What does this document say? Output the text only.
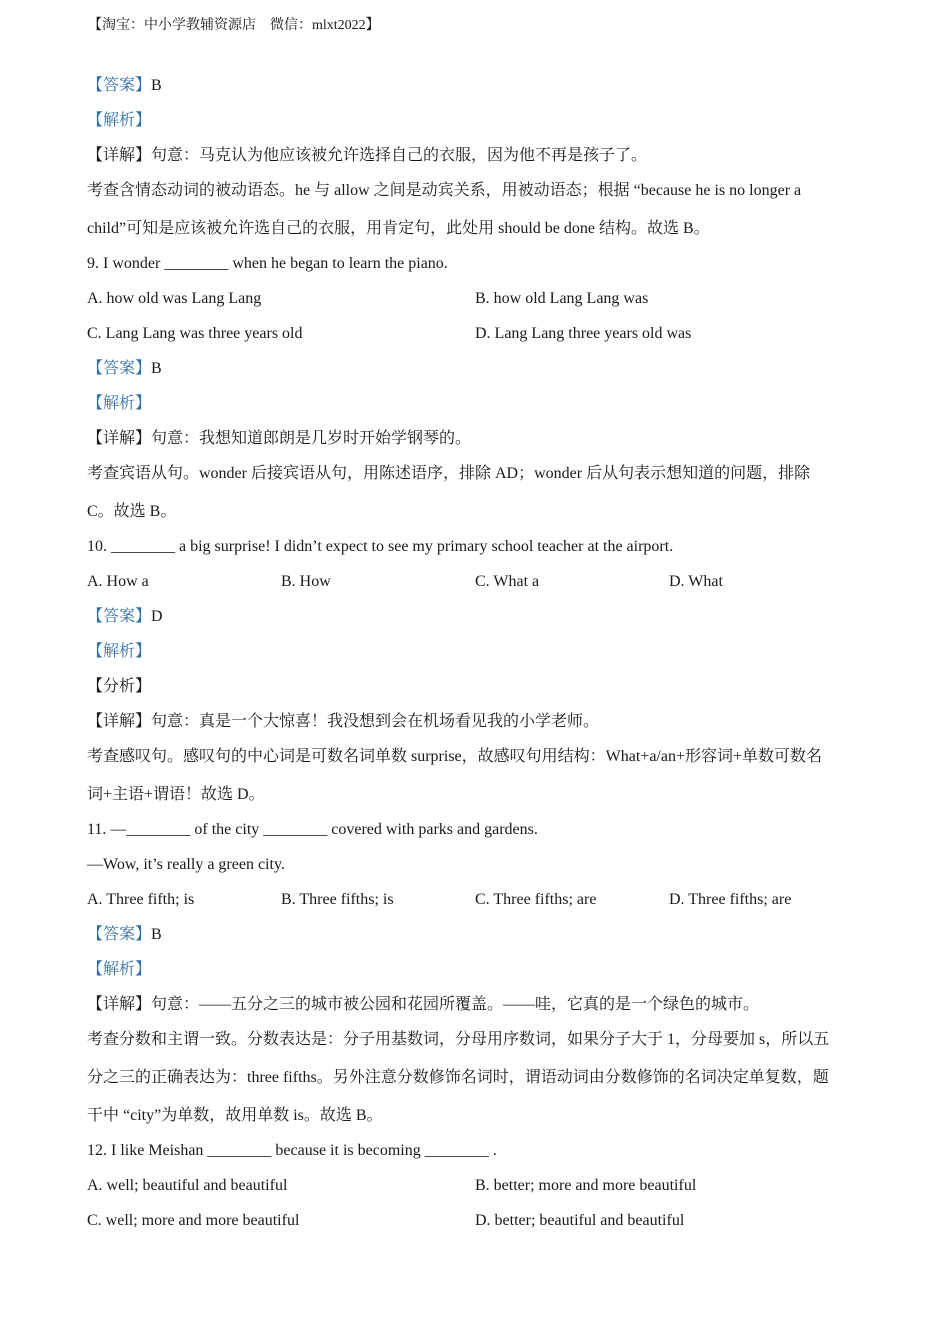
【淘宝：中小学教辅资源店　微信：mlxt2022】
【答案】B
【解析】
【详解】句意：马克认为他应该被允许选择自己的衣服，因为他不再是孩子了。
考查含情态动词的被动语态。he 与 allow 之间是动宾关系，用被动语态；根据 “because he is no longer a
child”可知是应该被允许选自己的衣服，用肯定句，此处用 should be done 结构。故选 B。
9. I wonder ________ when he began to learn the piano.
A. how old was Lang Lang	B. how old Lang Lang was
C. Lang Lang was three years old	D. Lang Lang three years old was
【答案】B
【解析】
【详解】句意：我想知道郎朗是几岁时开始学钢琴的。
考查宾语从句。wonder 后接宾语从句，用陈述语序，排除 AD；wonder 后从句表示想知道的问题，排除
C。故选 B。
10. ________ a big surprise! I didn’t expect to see my primary school teacher at the airport.
A. How a	B. How	C. What a	D. What
【答案】D
【解析】
【分析】
【详解】句意：真是一个大惊喜！我没想到会在机场看见我的小学老师。
考查感叹句。感叹句的中心词是可数名词单数 surprise，故感叹句用结构：What+a/an+形容词+单数可数名
词+主语+谓语！故选 D。
11. —________ of the city ________ covered with parks and gardens.
—Wow, it’s really a green city.
A. Three fifth; is	B. Three fifths; is	C. Three fifths; are	D. Three fifths; are
【答案】B
【解析】
【详解】句意：——五分之三的城市被公园和花园所覆盖。——哇，它真的是一个绿色的城市。
考查分数和主谓一致。分数表达是：分子用基数词，分母用序数词，如果分子大于 1，分母要加 s，所以五
分之三的正确表达为：three fifths。另外注意分数修饰名词时，谓语动词由分数修饰的名词决定单复数，题
干中 “city”为单数，故用单数 is。故选 B。
12. I like Meishan ________ because it is becoming ________ .
A. well; beautiful and beautiful	B. better; more and more beautiful
C. well; more and more beautiful	D. better; beautiful and beautiful
